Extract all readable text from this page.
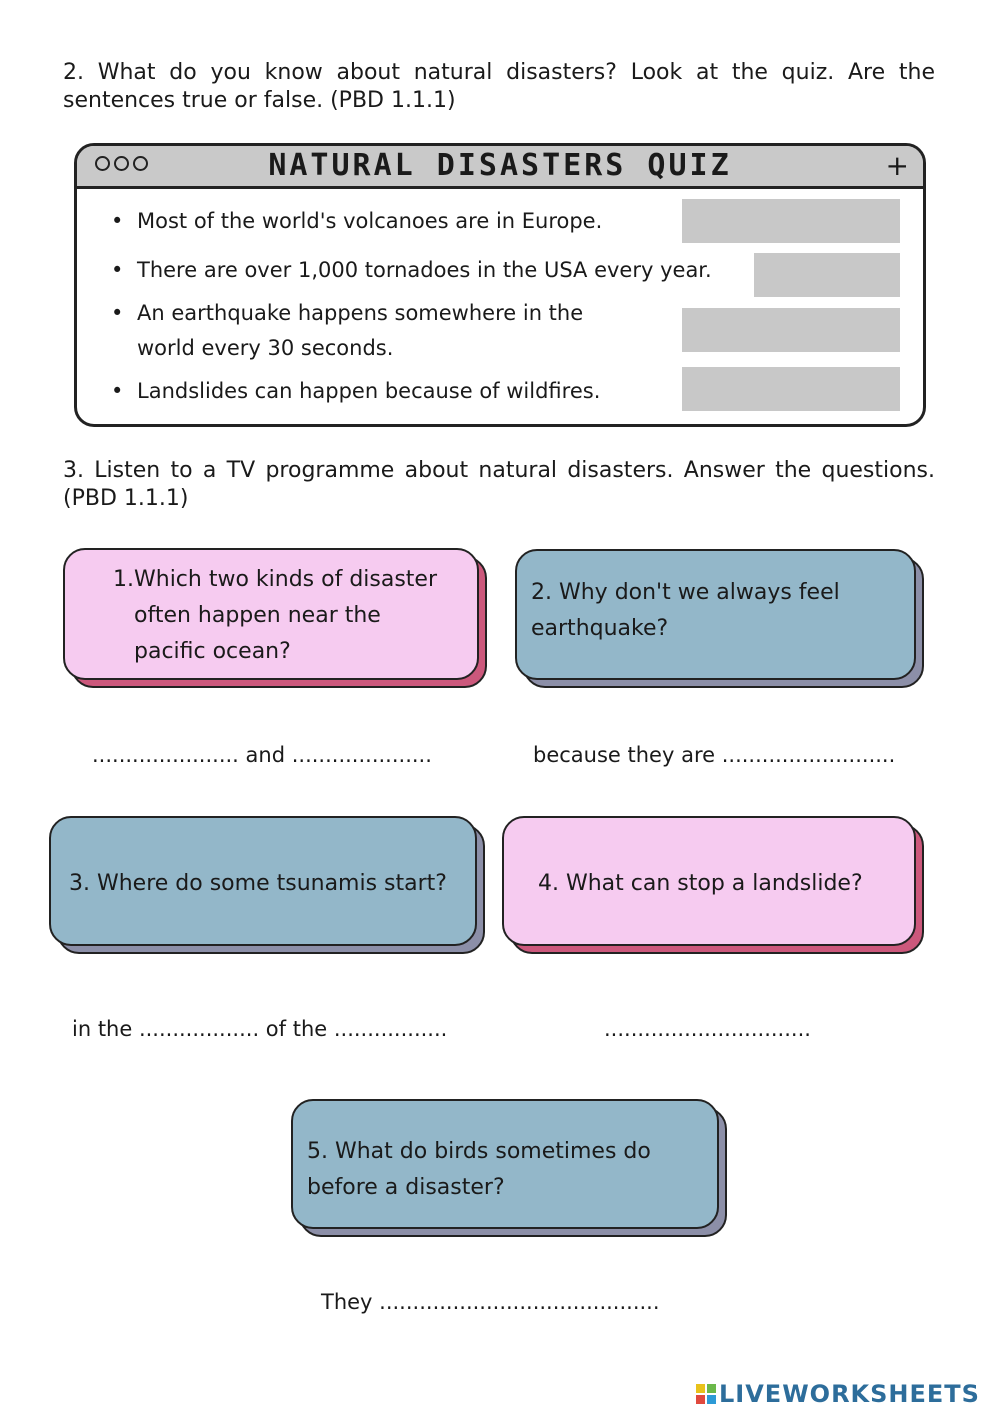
2. What do you know about natural disasters? Look at the quiz. Are the sentences true or false. (PBD 1.1.1)

NATURAL DISASTERS QUIZ	+
• Most of the world's volcanoes are in Europe.
• There are over 1,000 tornadoes in the USA every year.
• An earthquake happens somewhere in the
world every 30 seconds.
• Landslides can happen because of wildfires.

3. Listen to a TV programme about natural disasters. Answer the questions. (PBD 1.1.1)

1. Which two kinds of disaster
often happen near the
pacific ocean?
2. Why don't we always feel
earthquake?
...................... and .....................	because they are ..........................
3. Where do some tsunamis start?	4. What can stop a landslide?
in the .................. of the .................	...............................
5. What do birds sometimes do
before a disaster?
They ..........................................
LIVEWORKSHEETS
